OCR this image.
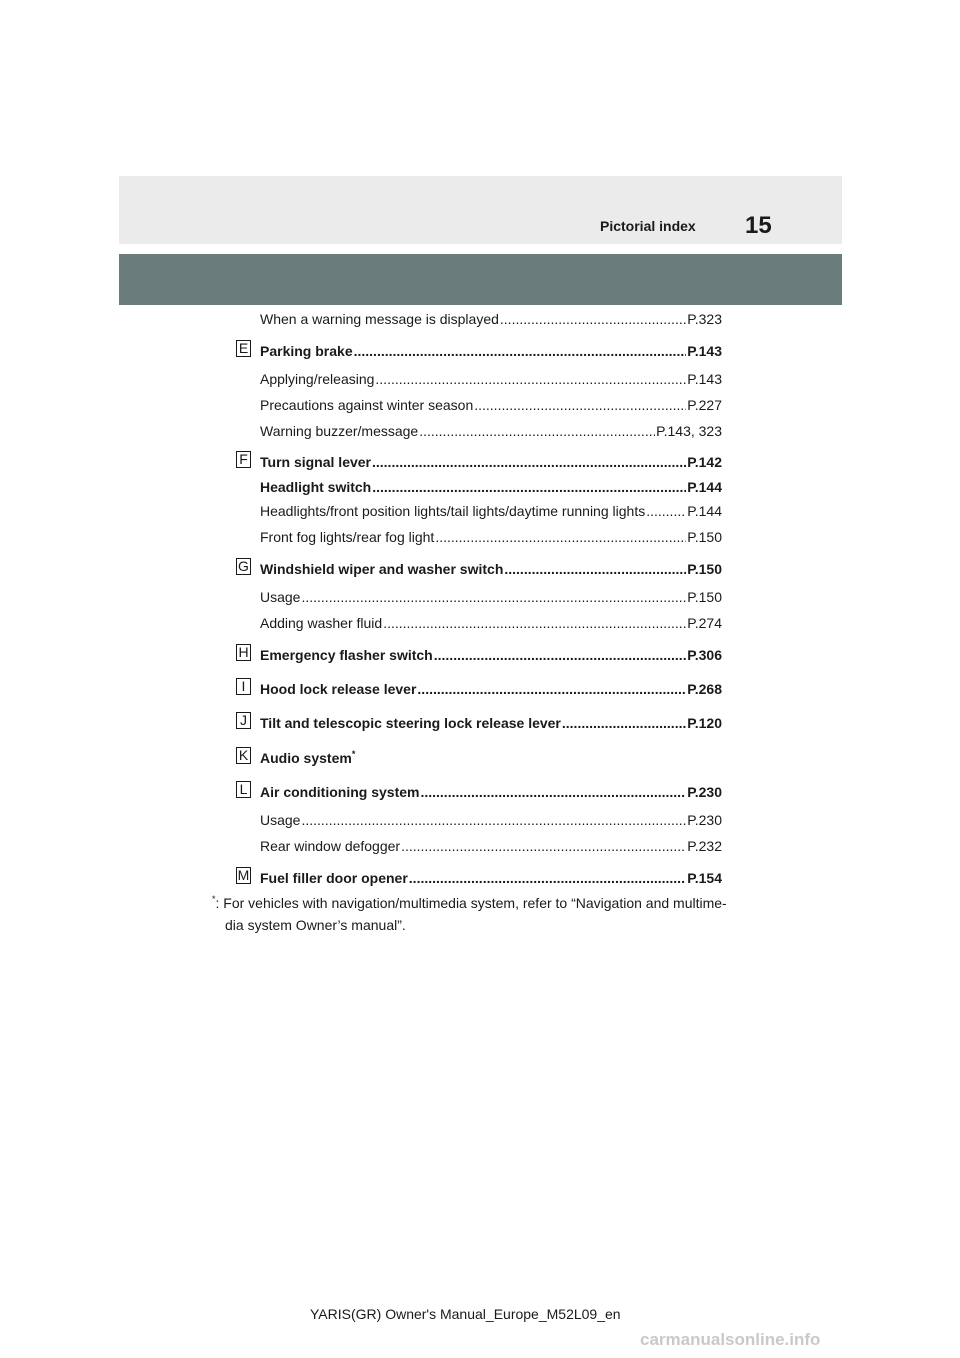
Pictorial index 15
When a warning message is displayed .....	P.323
E Parking brake .....	P.143
Applying/releasing .....	P.143
Precautions against winter season .....	P.227
Warning buzzer/message .....	P.143, 323
F Turn signal lever .....	P.142
Headlight switch .....	P.144
Headlights/front position lights/tail lights/daytime running lights .....	P.144
Front fog lights/rear fog light .....	P.150
G Windshield wiper and washer switch .....	P.150
Usage .....	P.150
Adding washer fluid .....	P.274
H Emergency flasher switch .....	P.306
I	Hood lock release lever .....	P.268
J Tilt and telescopic steering lock release lever .....	P.120
K Audio system *
L Air conditioning system .....	P.230
Usage .....	P.230
Rear window defogger .....	P.232
M Fuel filler door opener .....	P.154
*: For vehicles with navigation/multimedia system, refer to “Navigation and multime-
dia system Owner’s manual”.
YARIS(GR) Owner's Manual_Europe_M52L09_en
carmanualsonline.info
